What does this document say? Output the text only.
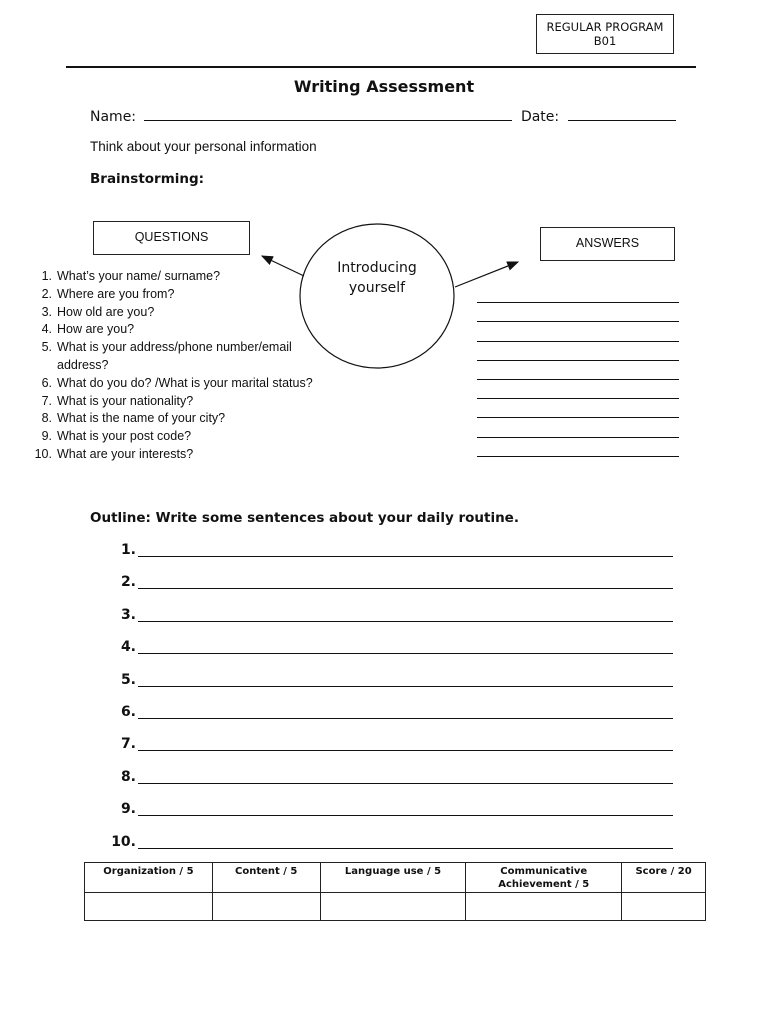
REGULAR PROGRAM
B01
Writing Assessment
Name:	Date:
Think about your personal information
Brainstorming:
QUESTIONS	ANSWERS
Introducing
yourself
1. What’s your name/ surname?
2. Where are you from?
3. How old are you?
4. How are you?
5. What is your address/phone number/email address?
6. What do you do? /What is your marital status?
7. What is your nationality?
8. What is the name of your city?
9. What is your post code?
10. What are your interests?
Outline: Write some sentences about your daily routine.
1.
2.
3.
4.
5.
6.
7.
8.
9.
10.
Organization / 5	Content / 5	Language use / 5	Communicative Achievement / 5	Score / 20
